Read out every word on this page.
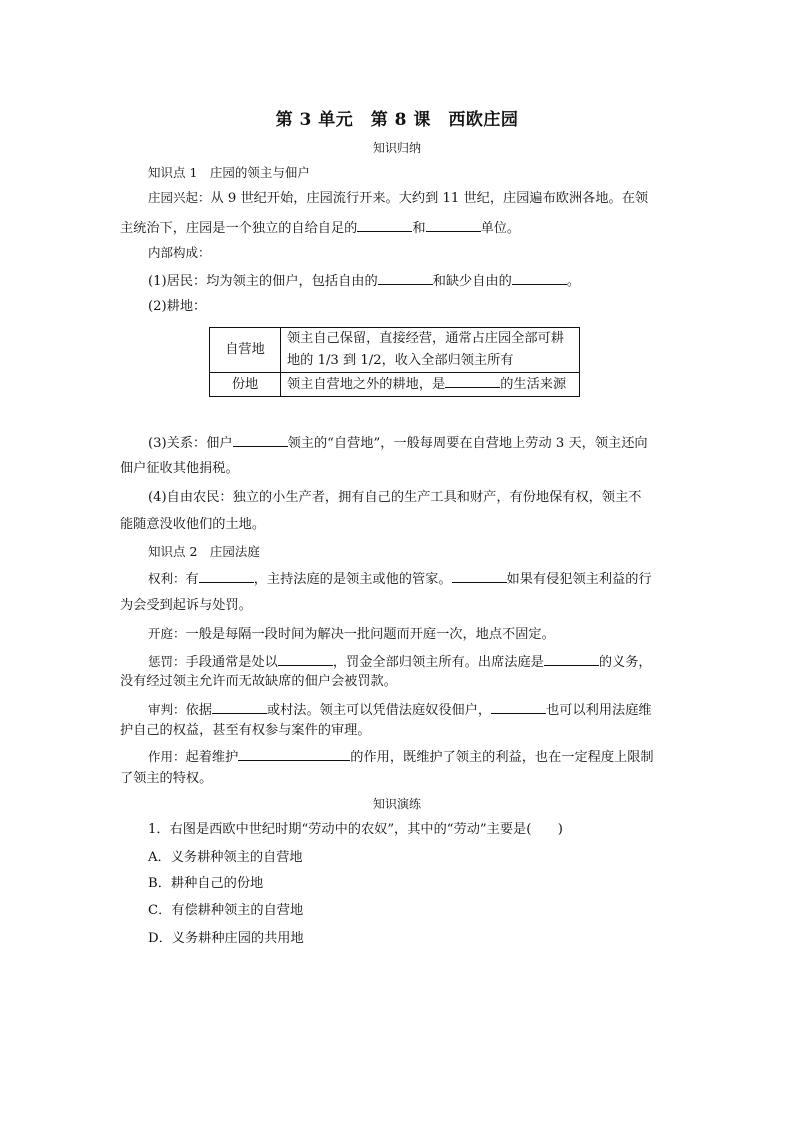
第 3 单元　第 8 课　西欧庄园
知识归纳
知识点 1　庄园的领主与佃户
庄园兴起：从 9 世纪开始，庄园流行开来。大约到 11 世纪，庄园遍布欧洲各地。在领
主统治下，庄园是一个独立的自给自足的	和	单位。
内部构成：
(1)居民：均为领主的佃户，包括自由的	和缺少自由的	。
(2)耕地：
自营地	领主自己保留，直接经营，通常占庄园全部可耕
地的 1/3 到 1/2，收入全部归领主所有

份地	领主自营地之外的耕地，是 的生活来源
(3)关系：佃户	领主的“自营地”，一般每周要在自营地上劳动 3 天，领主还向
佃户征收其他捐税。
(4)自由农民：独立的小生产者，拥有自己的生产工具和财产，有份地保有权，领主不
能随意没收他们的土地。
知识点 2　庄园法庭
权利：有	，主持法庭的是领主或他的管家。	如果有侵犯领主利益的行
为会受到起诉与处罚。
开庭：一般是每隔一段时间为解决一批问题而开庭一次，地点不固定。
惩罚：手段通常是处以	，罚金全部归领主所有。出席法庭是	的义务，
没有经过领主允许而无故缺席的佃户会被罚款。
审判：依据	或村法。领主可以凭借法庭奴役佃户，	也可以利用法庭维
护自己的权益，甚至有权参与案件的审理。
作用：起着维护	的作用，既维护了领主的利益，也在一定程度上限制
了领主的特权。
知识演练
1．右图是西欧中世纪时期“劳动中的农奴”，其中的“劳动”主要是(　　)
A．义务耕种领主的自营地
B．耕种自己的份地
C．有偿耕种领主的自营地
D．义务耕种庄园的共用地
